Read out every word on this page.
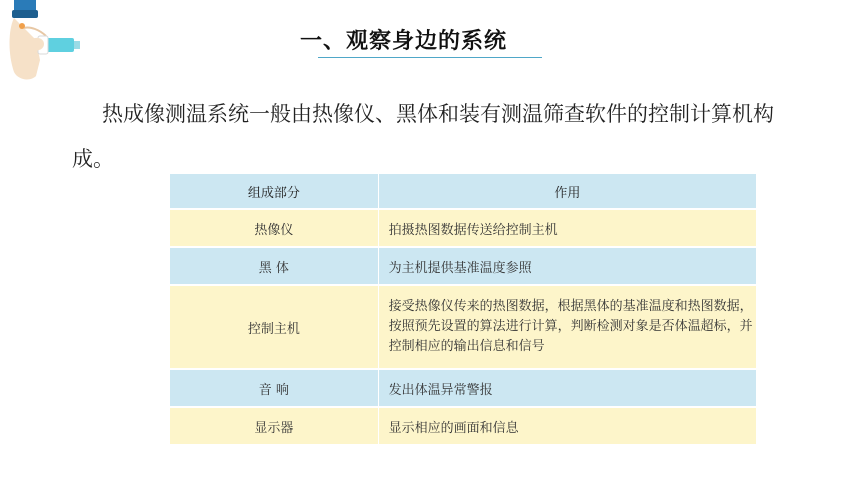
一、观察身边的系统
热成像测温系统一般由热像仪、黑体和装有测温筛查软件的控制计算机构成。
组成部分	作用
热像仪	拍摄热图数据传送给控制主机
黑 体	为主机提供基准温度参照
控制主机	接受热像仪传来的热图数据，根据黑体的基准温度和热图数据，按照预先设置的算法进行计算，判断检测对象是否体温超标，并控制相应的输出信息和信号
音 响	发出体温异常警报
显示器	显示相应的画面和信息
